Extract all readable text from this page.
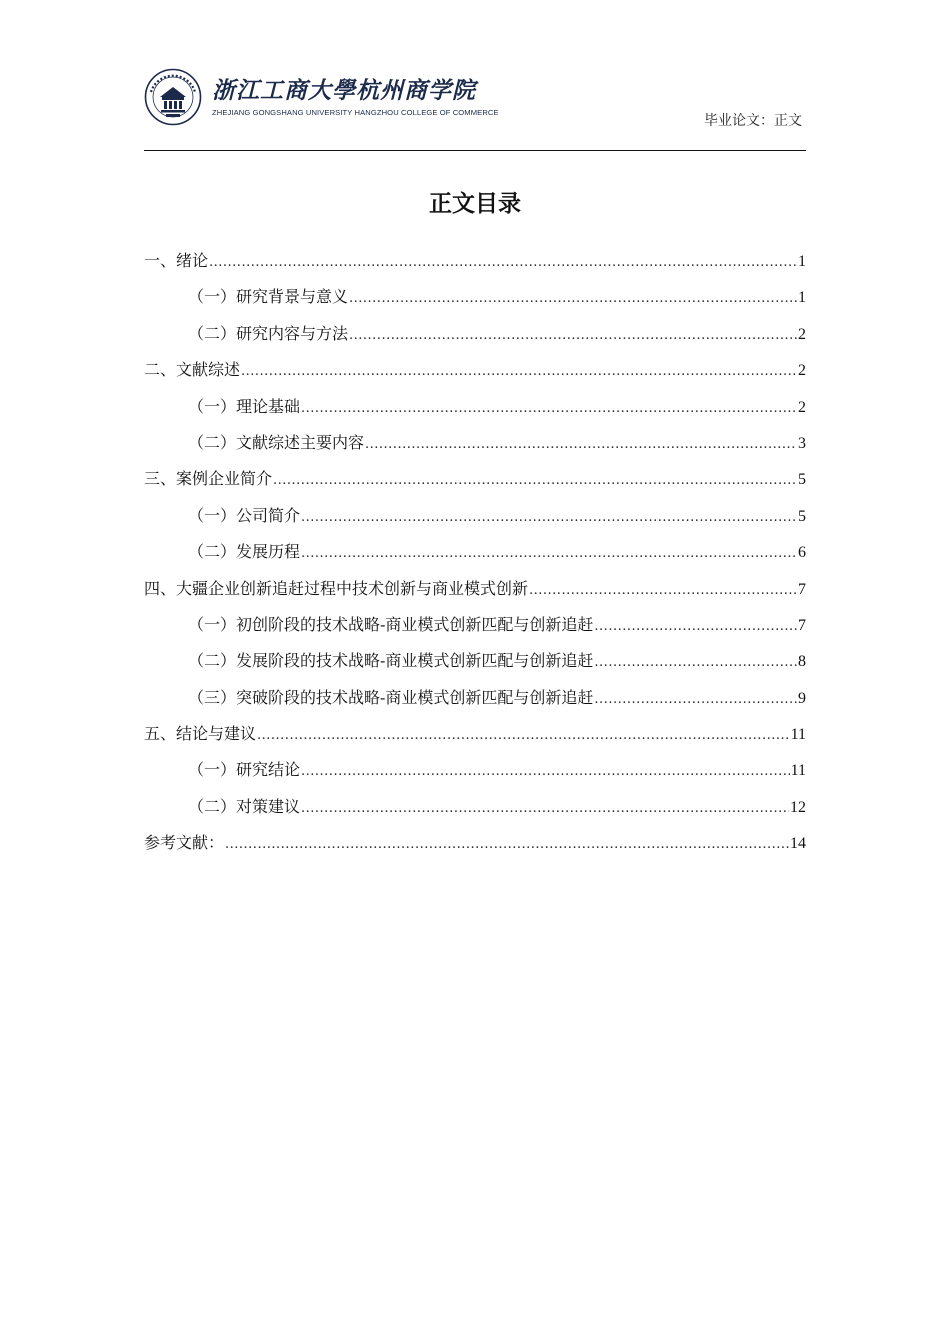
浙江工商大學杭州商学院
ZHEJIANG GONGSHANG UNIVERSITY HANGZHOU COLLEGE OF COMMERCE
毕业论文：正文
正文目录
一、绪论 .....	1
（一）研究背景与意义 .....	1
（二）研究内容与方法 .....	2
二、文献综述 .....	2
（一）理论基础 .....	2
（二）文献综述主要内容 .....	3
三、案例企业简介 .....	5
（一）公司简介 .....	5
（二）发展历程 .....	6
四、大疆企业创新追赶过程中技术创新与商业模式创新 .....	7
（一）初创阶段的技术战略-商业模式创新匹配与创新追赶 .....	7
（二）发展阶段的技术战略-商业模式创新匹配与创新追赶 .....	8
（三）突破阶段的技术战略-商业模式创新匹配与创新追赶 .....	9
五、结论与建议 .....	11
（一）研究结论 .....	11
（二）对策建议 .....	12
参考文献： .....	14
